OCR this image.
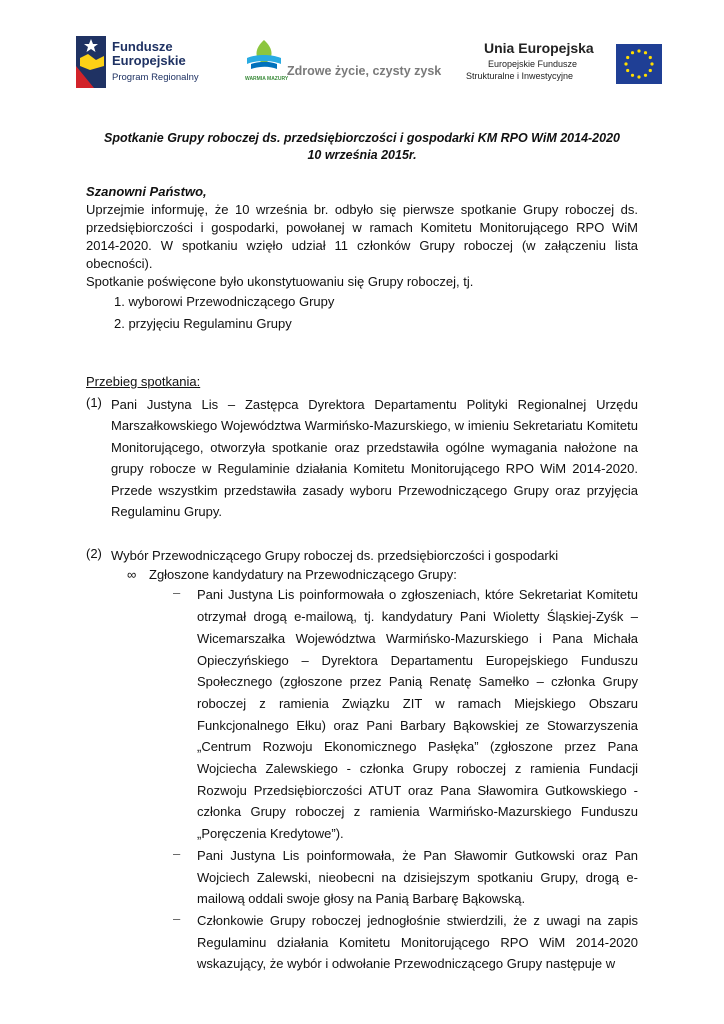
Fundusze
Europejskie
Program Regionalny	WARMIA MAZURY
Zdrowe życie, czysty zysk
Unia Europejska
Europejskie Fundusze
Strukturalne i Inwestycyjne
Spotkanie Grupy roboczej ds. przedsiębiorczości i gospodarki KM RPO WiM 2014-2020
10 września 2015r.
Szanowni Państwo,
Uprzejmie informuję, że 10 września br. odbyło się pierwsze spotkanie Grupy roboczej ds. przedsiębiorczości i gospodarki, powołanej w ramach Komitetu Monitorującego RPO WiM 2014-2020. W spotkaniu wzięło udział 11 członków Grupy roboczej (w załączeniu lista obecności).
Spotkanie poświęcone było ukonstytuowaniu się Grupy roboczej, tj.
1. wyborowi Przewodniczącego Grupy
2. przyjęciu Regulaminu Grupy
Przebieg spotkania:
(1) Pani Justyna Lis – Zastępca Dyrektora Departamentu Polityki Regionalnej Urzędu Marszałkowskiego Województwa Warmińsko-Mazurskiego, w imieniu Sekretariatu Komitetu Monitorującego, otworzyła spotkanie oraz przedstawiła ogólne wymagania nałożone na grupy robocze w Regulaminie działania Komitetu Monitorującego RPO WiM 2014-2020. Przede wszystkim przedstawiła zasady wyboru Przewodniczącego Grupy oraz przyjęcia Regulaminu Grupy.
(2) Wybór Przewodniczącego Grupy roboczej ds. przedsiębiorczości i gospodarki
∞ Zgłoszone kandydatury na Przewodniczącego Grupy:
–	Pani Justyna Lis poinformowała o zgłoszeniach, które Sekretariat Komitetu otrzymał drogą e-mailową, tj. kandydatury Pani Wioletty Śląskiej-Zyśk – Wicemarszałka Województwa Warmińsko-Mazurskiego i Pana Michała Opieczyńskiego – Dyrektora Departamentu Europejskiego Funduszu Społecznego (zgłoszone przez Panią Renatę Samełko – członka Grupy roboczej z ramienia Związku ZIT w ramach Miejskiego Obszaru Funkcjonalnego Ełku) oraz Pani Barbary Bąkowskiej ze Stowarzyszenia „Centrum Rozwoju Ekonomicznego Pasłęka” (zgłoszone przez Pana Wojciecha Zalewskiego - członka Grupy roboczej z ramienia Fundacji Rozwoju Przedsiębiorczości ATUT oraz Pana Sławomira Gutkowskiego - członka Grupy roboczej z ramienia Warmińsko-Mazurskiego Funduszu „Poręczenia Kredytowe”).
–	Pani Justyna Lis poinformowała, że Pan Sławomir Gutkowski oraz Pan Wojciech Zalewski, nieobecni na dzisiejszym spotkaniu Grupy, drogą e-mailową oddali swoje głosy na Panią Barbarę Bąkowską.
–	Członkowie Grupy roboczej jednogłośnie stwierdzili, że z uwagi na zapis Regulaminu działania Komitetu Monitorującego RPO WiM 2014-2020 wskazujący, że wybór i odwołanie Przewodniczącego Grupy następuje w
